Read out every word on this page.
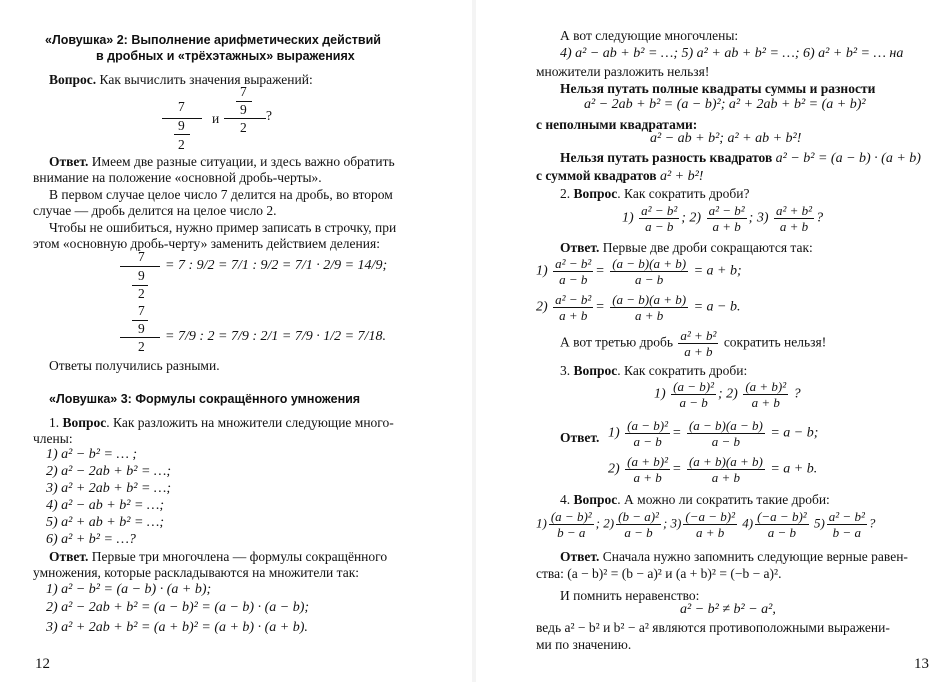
«Ловушка» 2: Выполнение арифметических действий
в дробных и «трёхэтажных» выражениях
Вопрос. Как вычислить значения выражений:
7
9
2
и
7
9
2
?
Ответ. Имеем две разные ситуации, и здесь важно обратить
внимание на положение «основной дробь-черты».
В первом случае целое число 7 делится на дробь, во втором
случае — дробь делится на целое число 2.
Чтобы не ошибиться, нужно пример записать в строчку, при
этом «основную дробь-черту» заменить действием деления:
7
9
2
= 7 : 9/2 = 7/1 : 9/2 = 7/1 · 2/9 = 14/9;
7
9
2
= 7/9 : 2 = 7/9 : 2/1 = 7/9 · 1/2 = 7/18.
Ответы получились разными.
«Ловушка» 3: Формулы сокращённого умножения
1. Вопрос. Как разложить на множители следующие много-
члены:
1) a² − b² = … ;
2) a² − 2ab + b² = …;
3) a² + 2ab + b² = …;
4) a² − ab + b² = …;
5) a² + ab + b² = …;
6) a² + b² = …?
Ответ. Первые три многочлена — формулы сокращённого
умножения, которые раскладываются на множители так:
1) a² − b² = (a − b) · (a + b);
2) a² − 2ab + b² = (a − b)² = (a − b) · (a − b);
3) a² + 2ab + b² = (a + b)² = (a + b) · (a + b).
12
А вот следующие многочлены:
4) a² − ab + b² = …; 5) a² + ab + b² = …; 6) a² + b² = … на
множители разложить нельзя!
Нельзя путать полные квадраты суммы и разности
a² − 2ab + b² = (a − b)²; a² + 2ab + b² = (a + b)²
с неполными квадратами:
a² − ab + b²; a² + ab + b²!
Нельзя путать разность квадратов a² − b² = (a − b) · (a + b)
с суммой квадратов a² + b²!
2. Вопрос. Как сократить дроби?
$1) \frac{\text{a² − b²}}{a - b}$ ; $2) \frac{\text{a² − b²}}{a + b}$ ; $3) \frac{\text{a² + b²}}{a + b}$ ?
Ответ. Первые две дроби сокращаются так:
$1) \frac{\text{a² − b²}}{a - b} = \frac{(a - b)(a + b)}{a - b} = a + b$;
$2) \frac{\text{a² − b²}}{a + b} = \frac{(a - b)(a + b)}{a + b} = a - b$.
А вот третью дробь $\frac{\text{a² + b²}}{a + b}$ сократить нельзя!
3. Вопрос. Как сократить дроби:
$1) \frac{\text{(a − b)²}}{a - b}$ ; $2) \frac{\text{(a + b)²}}{a + b}$ ?
Ответ. $1) \frac{\text{(a − b)²}}{a - b} = \frac{(a - b)(a - b)}{a - b} = a - b$;
$2) \frac{\text{(a + b)²}}{a + b} = \frac{(a + b)(a + b)}{a + b} = a + b$.
4. Вопрос. А можно ли сократить такие дроби:
$1) \frac{\text{(a − b)²}}{b - a}$ ; $2) \frac{\text{(b − a)²}}{a - b}$ ; $3) \frac{\text{(−a − b)²}}{a + b} 4) \frac{\text{(−a − b)²}}{a - b} 5) \frac{\text{a² − b²}}{b - a}$ ?
Ответ. Сначала нужно запомнить следующие верные равен-
ства: (a − b)² = (b − a)² и (a + b)² = (−b − a)².
И помнить неравенство:
a² − b² ≠ b² − a²,
ведь a² − b² и b² − a² являются противоположными выражени-
ми по значению.
13
